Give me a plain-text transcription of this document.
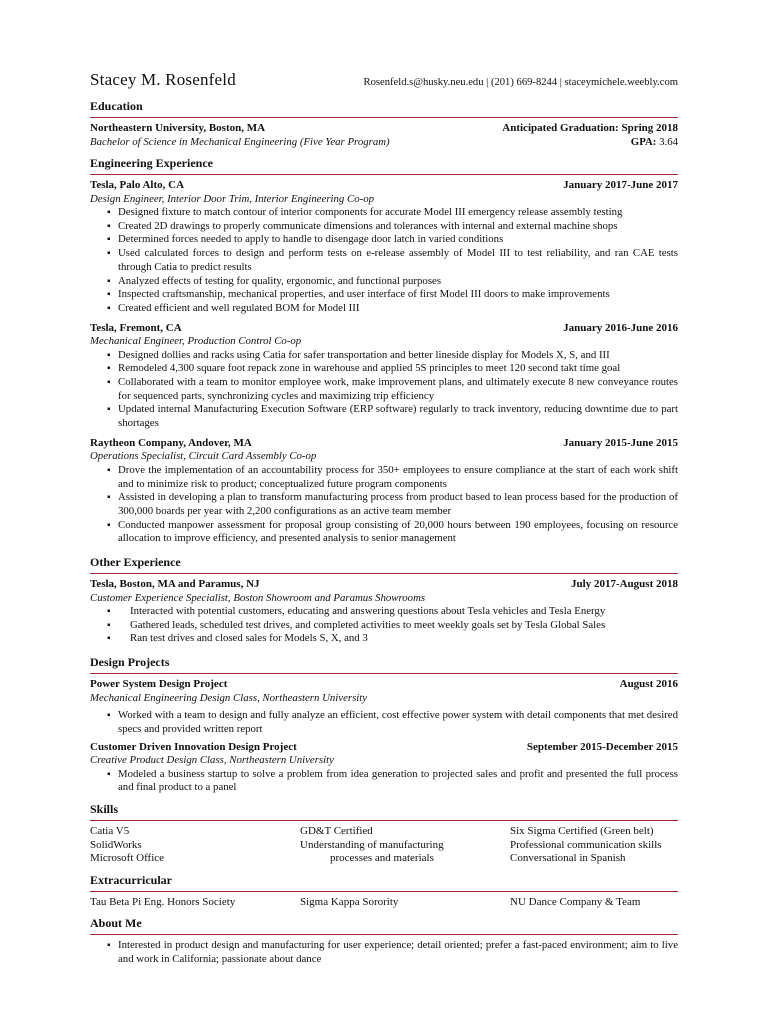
Stacey M. Rosenfeld	Rosenfeld.s@husky.neu.edu | (201) 669-8244 | staceymichele.weebly.com
Education
Northeastern University, Boston, MA	Anticipated Graduation: Spring 2018
Bachelor of Science in Mechanical Engineering (Five Year Program)	GPA: 3.64
Engineering Experience
Tesla, Palo Alto, CA	January 2017-June 2017
Design Engineer, Interior Door Trim, Interior Engineering Co-op
▪ Designed fixture to match contour of interior components for accurate Model III emergency release assembly testing
▪ Created 2D drawings to properly communicate dimensions and tolerances with internal and external machine shops
▪ Determined forces needed to apply to handle to disengage door latch in varied conditions
▪ Used calculated forces to design and perform tests on e-release assembly of Model III to test reliability, and ran CAE tests through Catia to predict results
▪ Analyzed effects of testing for quality, ergonomic, and functional purposes
▪ Inspected craftsmanship, mechanical properties, and user interface of first Model III doors to make improvements
▪ Created efficient and well regulated BOM for Model III
Tesla, Fremont, CA	January 2016-June 2016
Mechanical Engineer, Production Control Co-op
▪ Designed dollies and racks using Catia for safer transportation and better lineside display for Models X, S, and III
▪ Remodeled 4,300 square foot repack zone in warehouse and applied 5S principles to meet 120 second takt time goal
▪ Collaborated with a team to monitor employee work, make improvement plans, and ultimately execute 8 new conveyance routes for sequenced parts, synchronizing cycles and maximizing trip efficiency
▪ Updated internal Manufacturing Execution Software (ERP software) regularly to track inventory, reducing downtime due to part shortages
Raytheon Company, Andover, MA	January 2015-June 2015
Operations Specialist, Circuit Card Assembly Co-op
▪ Drove the implementation of an accountability process for 350+ employees to ensure compliance at the start of each work shift and to minimize risk to product; conceptualized future program components
▪ Assisted in developing a plan to transform manufacturing process from product based to lean process based for the production of 300,000 boards per year with 2,200 configurations as an active team member
▪ Conducted manpower assessment for proposal group consisting of 20,000 hours between 190 employees, focusing on resource allocation to improve efficiency, and presented analysis to senior management
Other Experience
Tesla, Boston, MA and Paramus, NJ	July 2017-August 2018
Customer Experience Specialist, Boston Showroom and Paramus Showrooms
▪ Interacted with potential customers, educating and answering questions about Tesla vehicles and Tesla Energy
▪ Gathered leads, scheduled test drives, and completed activities to meet weekly goals set by Tesla Global Sales
▪ Ran test drives and closed sales for Models S, X, and 3
Design Projects
Power System Design Project	August 2016
Mechanical Engineering Design Class, Northeastern University
▪ Worked with a team to design and fully analyze an efficient, cost effective power system with detail components that met desired specs and provided written report
Customer Driven Innovation Design Project	September 2015-December 2015
Creative Product Design Class, Northeastern University
▪ Modeled a business startup to solve a problem from idea generation to projected sales and profit and presented the full process and final product to a panel
Skills
Catia V5	GD&T Certified	Six Sigma Certified (Green belt)
SolidWorks	Understanding of manufacturing	Professional communication skills
Microsoft Office	processes and materials	Conversational in Spanish
Extracurricular
Tau Beta Pi Eng. Honors Society	Sigma Kappa Sorority	NU Dance Company & Team
About Me
▪ Interested in product design and manufacturing for user experience; detail oriented; prefer a fast-paced environment; aim to live and work in California; passionate about dance
